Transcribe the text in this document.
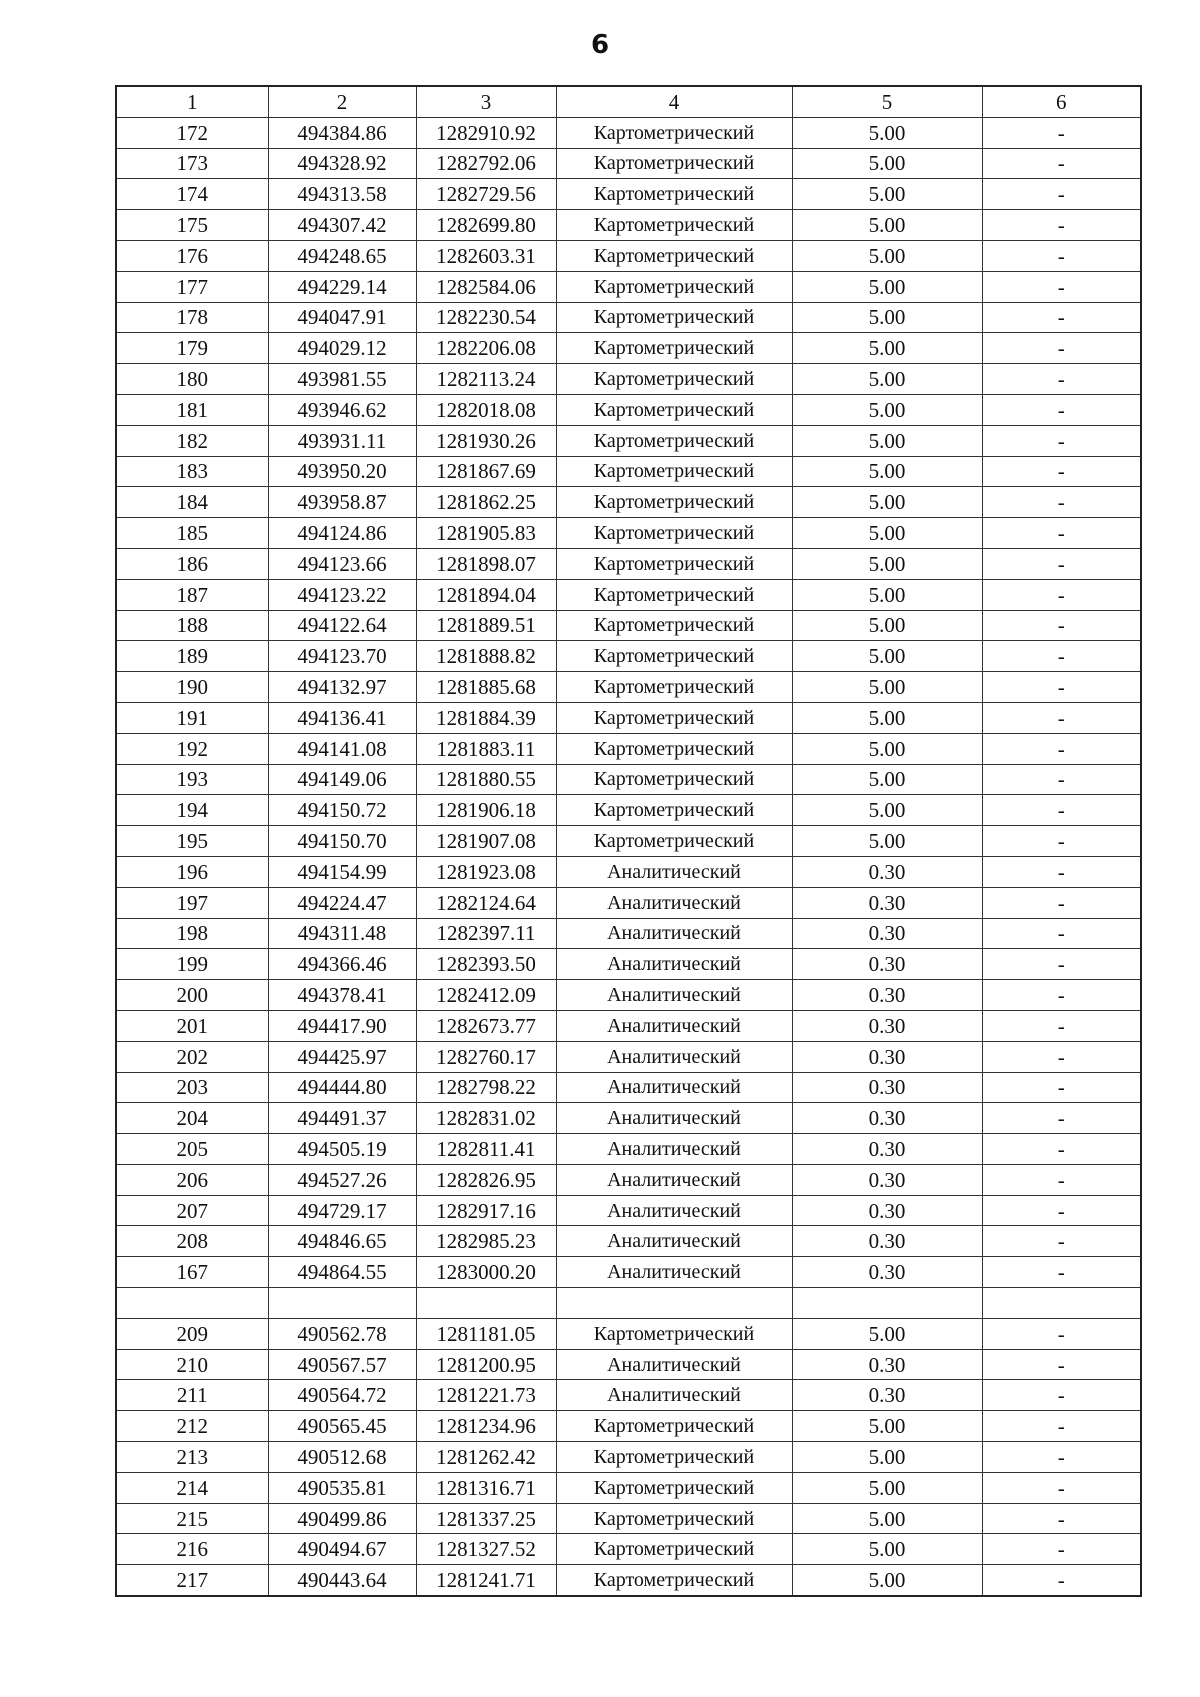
6
1	2	3	4	5	6
172	494384.86	1282910.92	Картометрический	5.00	-
173	494328.92	1282792.06	Картометрический	5.00	-
174	494313.58	1282729.56	Картометрический	5.00	-
175	494307.42	1282699.80	Картометрический	5.00	-
176	494248.65	1282603.31	Картометрический	5.00	-
177	494229.14	1282584.06	Картометрический	5.00	-
178	494047.91	1282230.54	Картометрический	5.00	-
179	494029.12	1282206.08	Картометрический	5.00	-
180	493981.55	1282113.24	Картометрический	5.00	-
181	493946.62	1282018.08	Картометрический	5.00	-
182	493931.11	1281930.26	Картометрический	5.00	-
183	493950.20	1281867.69	Картометрический	5.00	-
184	493958.87	1281862.25	Картометрический	5.00	-
185	494124.86	1281905.83	Картометрический	5.00	-
186	494123.66	1281898.07	Картометрический	5.00	-
187	494123.22	1281894.04	Картометрический	5.00	-
188	494122.64	1281889.51	Картометрический	5.00	-
189	494123.70	1281888.82	Картометрический	5.00	-
190	494132.97	1281885.68	Картометрический	5.00	-
191	494136.41	1281884.39	Картометрический	5.00	-
192	494141.08	1281883.11	Картометрический	5.00	-
193	494149.06	1281880.55	Картометрический	5.00	-
194	494150.72	1281906.18	Картометрический	5.00	-
195	494150.70	1281907.08	Картометрический	5.00	-
196	494154.99	1281923.08	Аналитический	0.30	-
197	494224.47	1282124.64	Аналитический	0.30	-
198	494311.48	1282397.11	Аналитический	0.30	-
199	494366.46	1282393.50	Аналитический	0.30	-
200	494378.41	1282412.09	Аналитический	0.30	-
201	494417.90	1282673.77	Аналитический	0.30	-
202	494425.97	1282760.17	Аналитический	0.30	-
203	494444.80	1282798.22	Аналитический	0.30	-
204	494491.37	1282831.02	Аналитический	0.30	-
205	494505.19	1282811.41	Аналитический	0.30	-
206	494527.26	1282826.95	Аналитический	0.30	-
207	494729.17	1282917.16	Аналитический	0.30	-
208	494846.65	1282985.23	Аналитический	0.30	-
167	494864.55	1283000.20	Аналитический	0.30	-

209	490562.78	1281181.05	Картометрический	5.00	-
210	490567.57	1281200.95	Аналитический	0.30	-
211	490564.72	1281221.73	Аналитический	0.30	-
212	490565.45	1281234.96	Картометрический	5.00	-
213	490512.68	1281262.42	Картометрический	5.00	-
214	490535.81	1281316.71	Картометрический	5.00	-
215	490499.86	1281337.25	Картометрический	5.00	-
216	490494.67	1281327.52	Картометрический	5.00	-
217	490443.64	1281241.71	Картометрический	5.00	-
